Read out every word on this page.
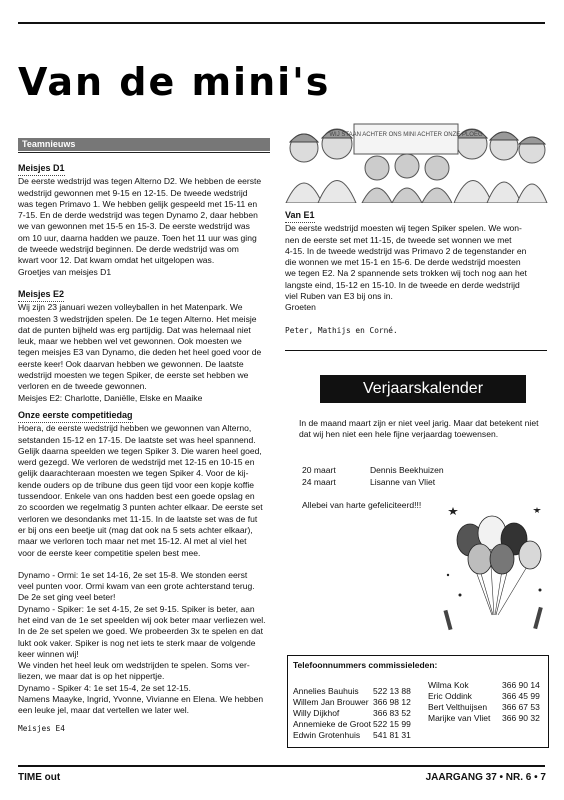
Van de mini's
Teamnieuws

Meisjes D1

De eerste wedstrijd was tegen Alterno D2. We hebben de eerste

wedstrijd gewonnen met 9-15 en 12-15. De tweede wedstrijd

was tegen Primavo 1. We hebben gelijk gespeeld met 15-11 en

7-15. En de derde wedstrijd was tegen Dynamo 2, daar hebben

we van gewonnen met 15-5 en 15-3. De eerste wedstrijd was

om 10 uur, daarna hadden we pauze. Toen het 11 uur was ging

de tweede wedstrijd beginnen. De derde wedstrijd was om

kwart voor 12. Dat kwam omdat het uitgelopen was.

Groetjes van meisjes D1

Meisjes E2

Wij zijn 23 januari wezen volleyballen in het Matenpark. We

moesten 3 wedstrijden spelen. De 1e tegen Alterno. Het meisje

dat de punten bijheld was erg partijdig. Dat was helemaal niet

leuk, maar we hebben wel vet gewonnen. Ook moesten we

tegen meisjes E3 van Dynamo, die deden het heel goed voor de

eerste keer! Ook daarvan hebben we gewonnen. De laatste

wedstrijd moesten we tegen Spiker, de eerste set hebben we

verloren en de tweede gewonnen.

Meisjes E2: Charlotte, Daniëlle, Elske en Maaike

Onze eerste competitiedag

Hoera, de eerste wedstrijd hebben we gewonnen van Alterno,

setstanden 15-12 en 17-15. De laatste set was heel spannend.

Gelijk daarna speelden we tegen Spiker 3. Die waren heel goed,

werd gezegd. We verloren de wedstrijd met 12-15 en 10-15 en

gelijk daarachteraan moesten we tegen Spiker 4. Voor de kij-

kende ouders op de tribune dus geen tijd voor een kopje koffie

tussendoor. Enkele van ons hadden best een goede opslag en

zo scoorden we regelmatig 3 punten achter elkaar. De eerste set

verloren we desondanks met 11-15. In de laatste set was de fut

er bij ons een beetje uit (mag dat ook na 5 sets achter elkaar),

maar we verloren toch maar net met 15-12. Al met al viel het

voor de eerste keer competitie spelen best mee.

Dynamo - Ormi: 1e set 14-16, 2e set 15-8. We stonden eerst

veel punten voor. Ormi kwam van een grote achterstand terug.

De 2e set ging veel beter!

Dynamo - Spiker: 1e set 4-15, 2e set 9-15. Spiker is beter, aan

het eind van de 1e set speelden wij ook beter maar verliezen wel.

In de 2e set spelen we goed. We probeerden 3x te spelen en dat

lukt ook vaker. Spiker is nog net iets te sterk maar de volgende

keer winnen wij!

We vinden het heel leuk om wedstrijden te spelen. Soms ver-

liezen, we maar dat is op het nippertje.

Dynamo - Spiker 4: 1e set 15-4, 2e set 12-15.

Namens Maayke, Ingrid, Yvonne, Vivianne en Elena. We hebben

een leuke jel, maar dat vertellen we later wel.

Meisjes E4

WIJ STAAN ACHTER ONS MINI ACHTER ONZE PLOEG

Van E1

De eerste wedstrijd moesten wij tegen Spiker spelen. We won-

nen de eerste set met 11-15, de tweede set wonnen we met

4-15. In de tweede wedstrijd was Primavo 2 de tegenstander en

die wonnen we met 15-1 en 15-6. De derde wedstrijd moesten

we tegen E2. Na 2 spannende sets trokken wij toch nog aan het

langste eind, 15-12 en 15-10. In de tweede en derde wedstrijd

viel Ruben van E3 bij ons in.

Groeten

Peter, Mathijs en Corné.

Verjaarskalender

In de maand maart zijn er niet veel jarig. Maar dat betekent niet dat wij hen niet een hele fijne verjaardag toewensen.

20 maart	Dennis Beekhuizen
24 maart	Lisanne van Vliet

Allebei van harte gefeliciteerd!!!

Telefoonnummers commissieleden:

Annelies Bauhuis 522 13 88
Willem Jan Brouwer 366 98 12
Willy Dijkhof	366 83 52
Annemieke de Groot 522 15 99
Edwin Grotenhuis 541 81 31
Wilma Kok	366 90 14
Eric Oddink	366 45 99
Bert Velthuijsen 366 67 53
Marijke van Vliet 366 90 32
TIME out	JAARGANG 37 • NR. 6 • 7
